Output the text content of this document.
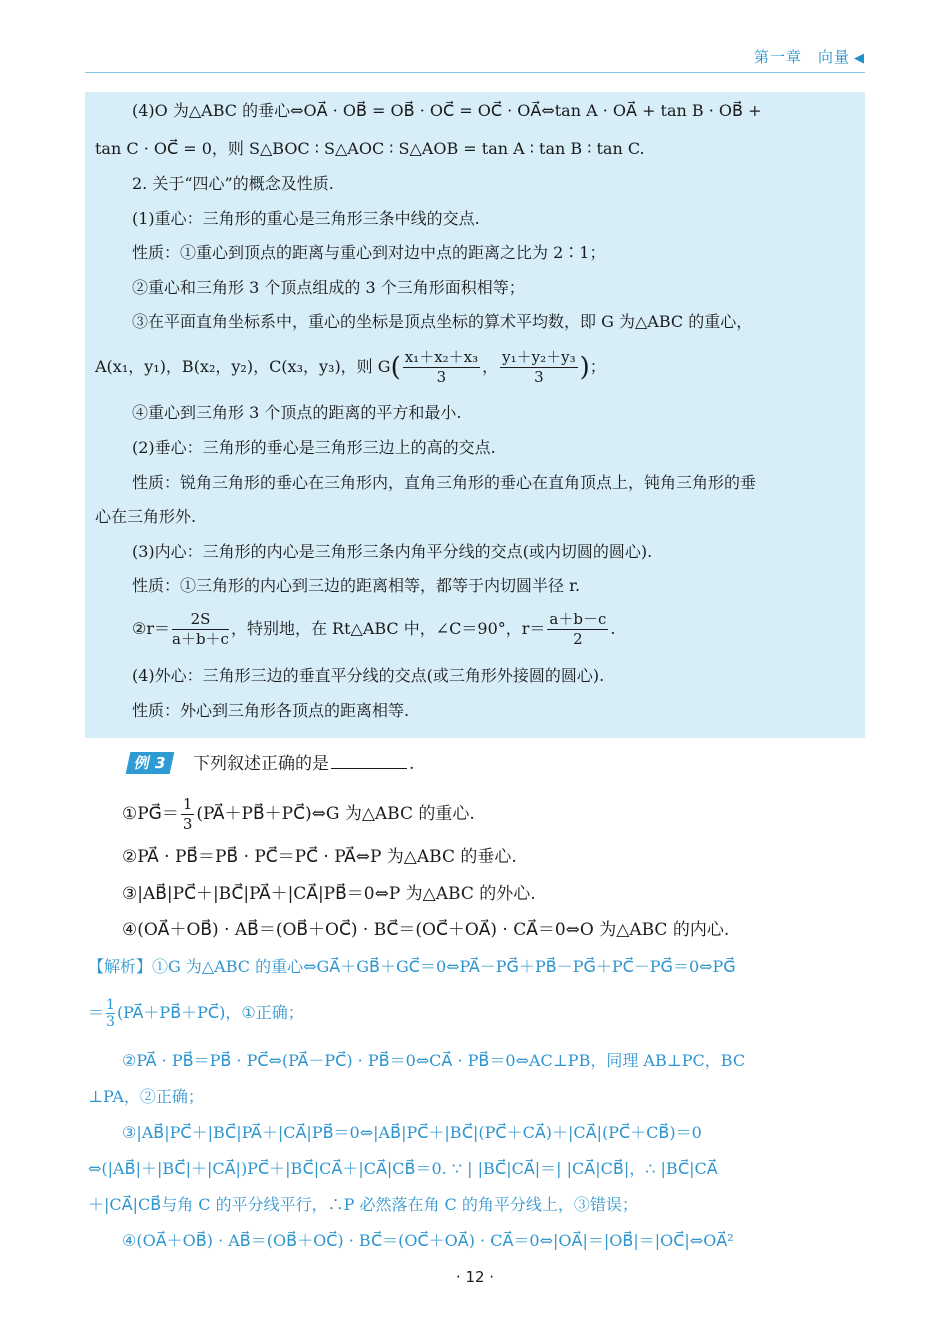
第一章　向量 ◀
(4)O 为△ABC 的垂心⇔OA⃗ · OB⃗ = OB⃗ · OC⃗ = OC⃗ · OA⃗⇔tan A · OA⃗ + tan B · OB⃗ +
tan C · OC⃗ = 0，则 S△BOC ∶ S△AOC ∶ S△AOB = tan A ∶ tan B ∶ tan C.
2. 关于“四心”的概念及性质.
(1)重心：三角形的重心是三角形三条中线的交点.
性质：①重心到顶点的距离与重心到对边中点的距离之比为 2∶1；
②重心和三角形 3 个顶点组成的 3 个三角形面积相等；
③在平面直角坐标系中，重心的坐标是顶点坐标的算术平均数，即 G 为△ABC 的重心，
A(x₁，y₁)，B(x₂，y₂)，C(x₃，y₃)，则 $G( \frac{\text{x₁＋x₂＋x₃}}{3}$ ， $\frac{\text{y₁＋y₂＋y₃}}{3}$ )；
④重心到三角形 3 个顶点的距离的平方和最小.
(2)垂心：三角形的垂心是三角形三边上的高的交点.
性质：锐角三角形的垂心在三角形内，直角三角形的垂心在直角顶点上，钝角三角形的垂
心在三角形外.
(3)内心：三角形的内心是三角形三条内角平分线的交点(或内切圆的圆心).
性质：①三角形的内心到三边的距离相等，都等于内切圆半径 r.
②r＝ $\frac{2S}{a+b+c}$ ，特别地，在 Rt△ABC 中，∠C＝90°，$r= \frac{a+b-c}{2}$ .
(4)外心：三角形三边的垂直平分线的交点(或三角形外接圆的圆心).
性质：外心到三角形各顶点的距离相等.
例 3	下列叙述正确的是	.
①PG⃗＝ $\frac{1}{3}$ (PA⃗＋PB⃗＋PC⃗)⇔G 为△ABC 的重心.
②PA⃗ · PB⃗＝PB⃗ · PC⃗＝PC⃗ · PA⃗⇔P 为△ABC 的垂心.
③|AB⃗|PC⃗＋|BC⃗|PA⃗＋|CA⃗|PB⃗＝0⇔P 为△ABC 的外心.
④(OA⃗＋OB⃗) · AB⃗＝(OB⃗＋OC⃗) · BC⃗＝(OC⃗＋OA⃗) · CA⃗＝0⇔O 为△ABC 的内心.
【解析】①G 为△ABC 的重心⇔GA⃗＋GB⃗＋GC⃗＝0⇔PA⃗－PG⃗＋PB⃗－PG⃗＋PC⃗－PG⃗＝0⇔PG⃗
＝ $\frac{1}{3}$ (PA⃗＋PB⃗＋PC⃗)，①正确；
②PA⃗ · PB⃗＝PB⃗ · PC⃗⇔(PA⃗－PC⃗) · PB⃗＝0⇔CA⃗ · PB⃗＝0⇔AC⊥PB，同理 AB⊥PC，BC
⊥PA，②正确；
③|AB⃗|PC⃗＋|BC⃗|PA⃗＋|CA⃗|PB⃗＝0⇔|AB⃗|PC⃗＋|BC⃗|(PC⃗＋CA⃗)＋|CA⃗|(PC⃗＋CB⃗)＝0
⇔(|AB⃗|＋|BC⃗|＋|CA⃗|)PC⃗＋|BC⃗|CA⃗＋|CA⃗|CB⃗＝0. ∵ | |BC⃗|CA⃗|＝| |CA⃗|CB⃗|，∴ |BC⃗|CA⃗
＋|CA⃗|CB⃗与角 C 的平分线平行，∴P 必然落在角 C 的角平分线上，③错误；
④(OA⃗＋OB⃗) · AB⃗＝(OB⃗＋OC⃗) · BC⃗＝(OC⃗＋OA⃗) · CA⃗＝0⇔|OA⃗|＝|OB⃗|＝|OC⃗|⇔OA⃗²
· 12 ·
